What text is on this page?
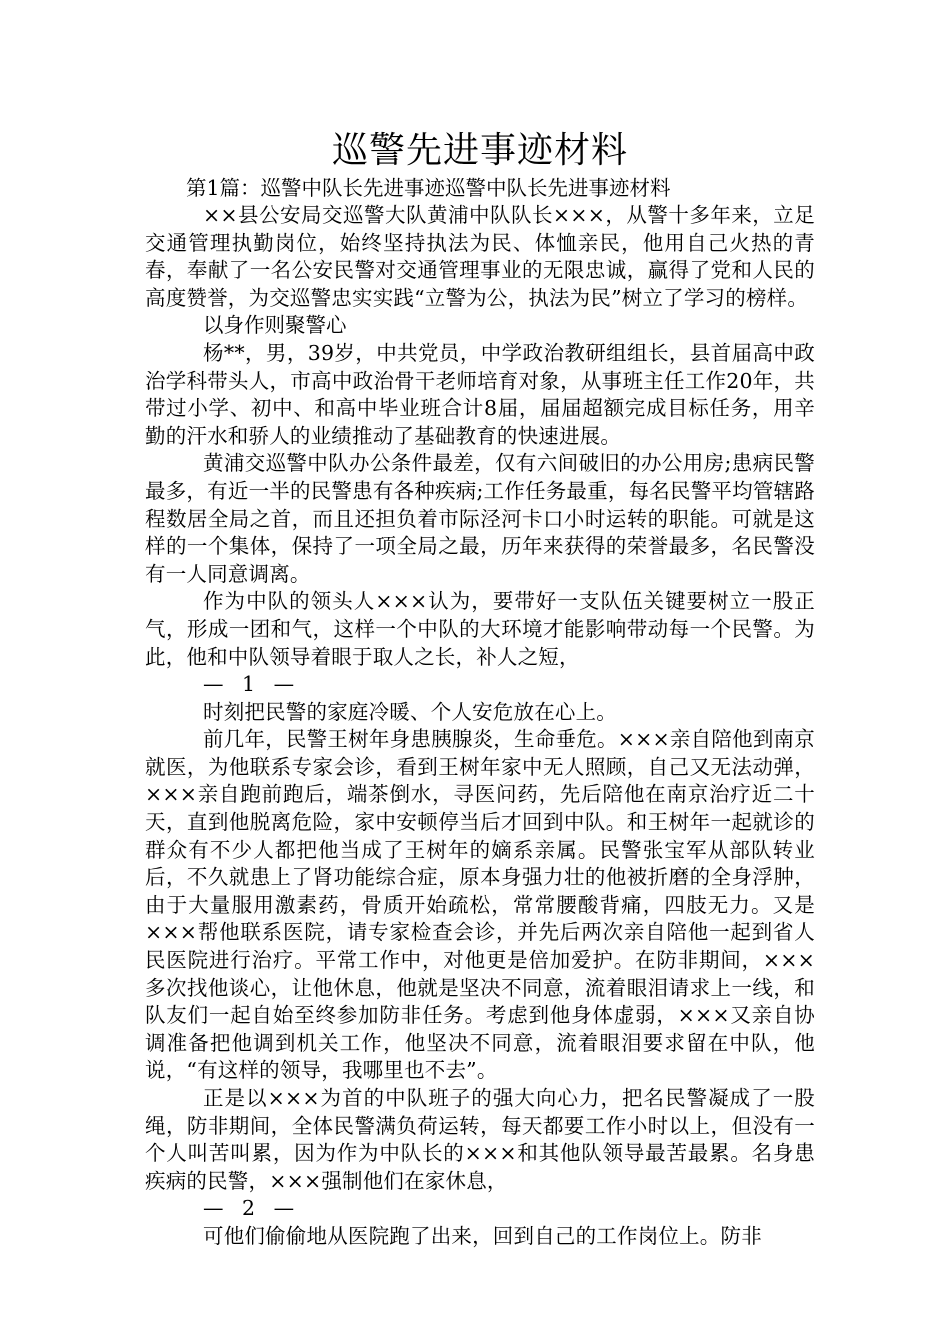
巡警先进事迹材料

第1篇：巡警中队长先进事迹巡警中队长先进事迹材料

××县公安局交巡警大队黄浦中队队长×××，从警十多年来，立足交通管理执勤岗位，始终坚持执法为民、体恤亲民，他用自己火热的青春，奉献了一名公安民警对交通管理事业的无限忠诚，赢得了党和人民的高度赞誉，为交巡警忠实实践“立警为公，执法为民”树立了学习的榜样。

以身作则聚警心

杨**，男，39岁，中共党员，中学政治教研组组长，县首届高中政治学科带头人，市高中政治骨干老师培育对象，从事班主任工作20年，共带过小学、初中、和高中毕业班合计8届，届届超额完成目标任务，用辛勤的汗水和骄人的业绩推动了基础教育的快速进展。

黄浦交巡警中队办公条件最差，仅有六间破旧的办公用房;患病民警最多，有近一半的民警患有各种疾病;工作任务最重，每名民警平均管辖路程数居全局之首，而且还担负着市际泾河卡口小时运转的职能。可就是这样的一个集体，保持了一项全局之最，历年来获得的荣誉最多，名民警没有一人同意调离。

作为中队的领头人×××认为，要带好一支队伍关键要树立一股正气，形成一团和气，这样一个中队的大环境才能影响带动每一个民警。为此，他和中队领导着眼于取人之长，补人之短，

— 1 —

时刻把民警的家庭冷暖、个人安危放在心上。

前几年，民警王树年身患胰腺炎，生命垂危。×××亲自陪他到南京就医，为他联系专家会诊，看到王树年家中无人照顾，自己又无法动弹，×××亲自跑前跑后，端茶倒水，寻医问药，先后陪他在南京治疗近二十天，直到他脱离危险，家中安顿停当后才回到中队。和王树年一起就诊的群众有不少人都把他当成了王树年的嫡系亲属。民警张宝军从部队转业后，不久就患上了肾功能综合症，原本身强力壮的他被折磨的全身浮肿，由于大量服用激素药，骨质开始疏松，常常腰酸背痛，四肢无力。又是×××帮他联系医院，请专家检查会诊，并先后两次亲自陪他一起到省人民医院进行治疗。平常工作中，对他更是倍加爱护。在防非期间，×××多次找他谈心，让他休息，他就是坚决不同意，流着眼泪请求上一线，和队友们一起自始至终参加防非任务。考虑到他身体虚弱，×××又亲自协调准备把他调到机关工作，他坚决不同意，流着眼泪要求留在中队，他说，“有这样的领导，我哪里也不去”。

正是以×××为首的中队班子的强大向心力，把名民警凝成了一股绳，防非期间，全体民警满负荷运转，每天都要工作小时以上，但没有一个人叫苦叫累，因为作为中队长的×××和其他队领导最苦最累。名身患疾病的民警，×××强制他们在家休息，

— 2 —

可他们偷偷地从医院跑了出来，回到自己的工作岗位上。防非
